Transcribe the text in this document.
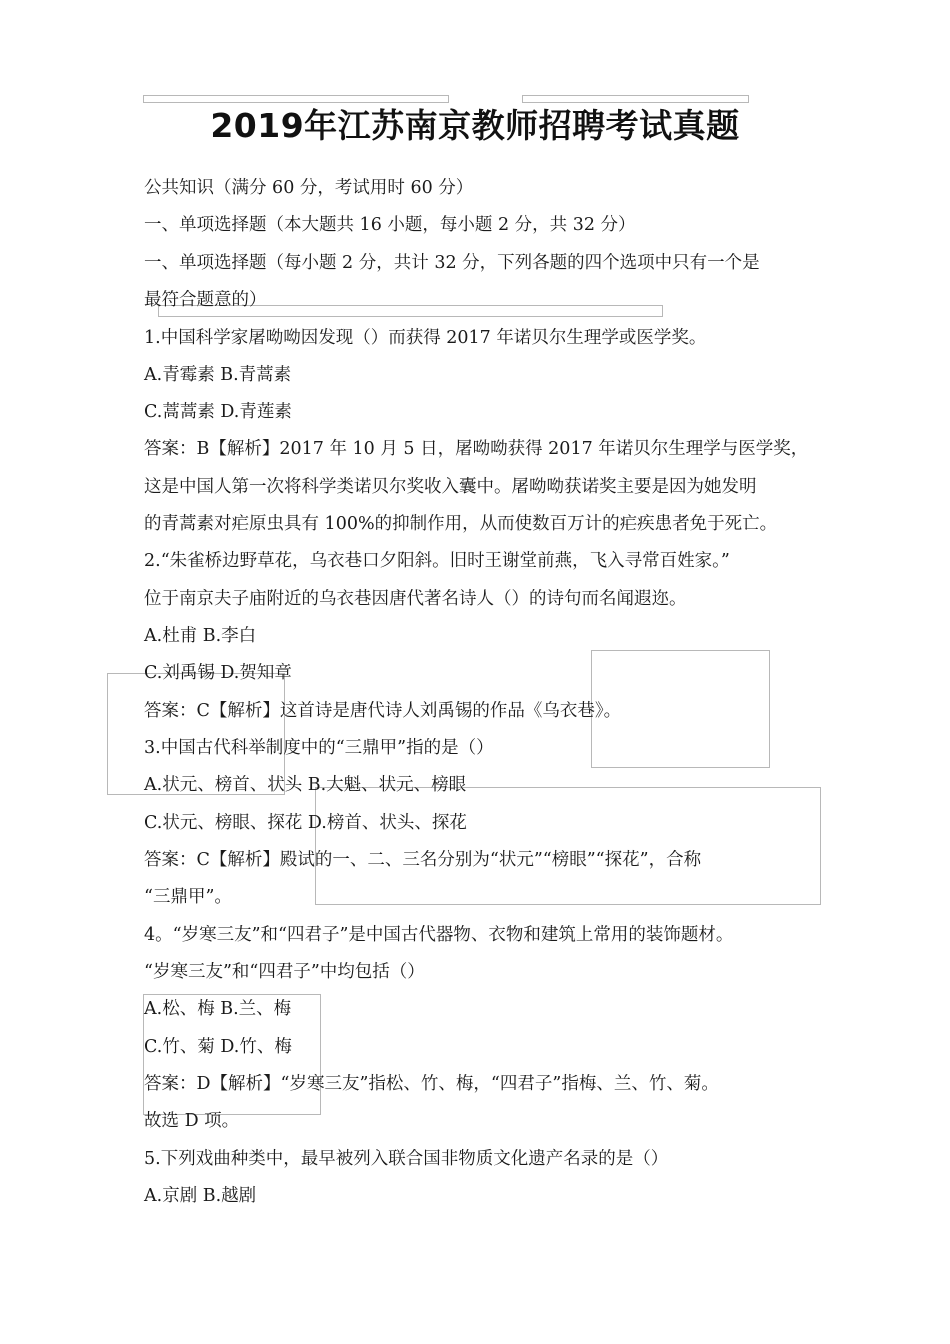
2019年江苏南京教师招聘考试真题
公共知识（满分 60 分，考试用时 60 分）
一、单项选择题（本大题共 16 小题，每小题 2 分，共 32 分）
一、单项选择题（每小题 2 分，共计 32 分，下列各题的四个选项中只有一个是
最符合题意的）
1.中国科学家屠呦呦因发现（）而获得 2017 年诺贝尔生理学或医学奖。
A.青霉素 B.青蒿素
C.蒿蒿素 D.青莲素
答案：B【解析】2017 年 10 月 5 日，屠呦呦获得 2017 年诺贝尔生理学与医学奖，
这是中国人第一次将科学类诺贝尔奖收入囊中。屠呦呦获诺奖主要是因为她发明
的青蒿素对疟原虫具有 100%的抑制作用，从而使数百万计的疟疾患者免于死亡。
2.“朱雀桥边野草花，乌衣巷口夕阳斜。旧时王谢堂前燕，飞入寻常百姓家。”
位于南京夫子庙附近的乌衣巷因唐代著名诗人（）的诗句而名闻遐迩。
A.杜甫 B.李白
C.刘禹锡 D.贺知章
答案：C【解析】这首诗是唐代诗人刘禹锡的作品《乌衣巷》。
3.中国古代科举制度中的“三鼎甲”指的是（）
A.状元、榜首、状头 B.大魁、状元、榜眼
C.状元、榜眼、探花 D.榜首、状头、探花
答案：C【解析】殿试的一、二、三名分别为“状元”“榜眼”“探花”，合称
“三鼎甲”。
4。“岁寒三友”和“四君子”是中国古代器物、衣物和建筑上常用的装饰题材。
“岁寒三友”和“四君子”中均包括（）
A.松、梅 B.兰、梅
C.竹、菊 D.竹、梅
答案：D【解析】“岁寒三友”指松、竹、梅，“四君子”指梅、兰、竹、菊。
故选 D 项。
5.下列戏曲种类中，最早被列入联合国非物质文化遗产名录的是（）
A.京剧 B.越剧
